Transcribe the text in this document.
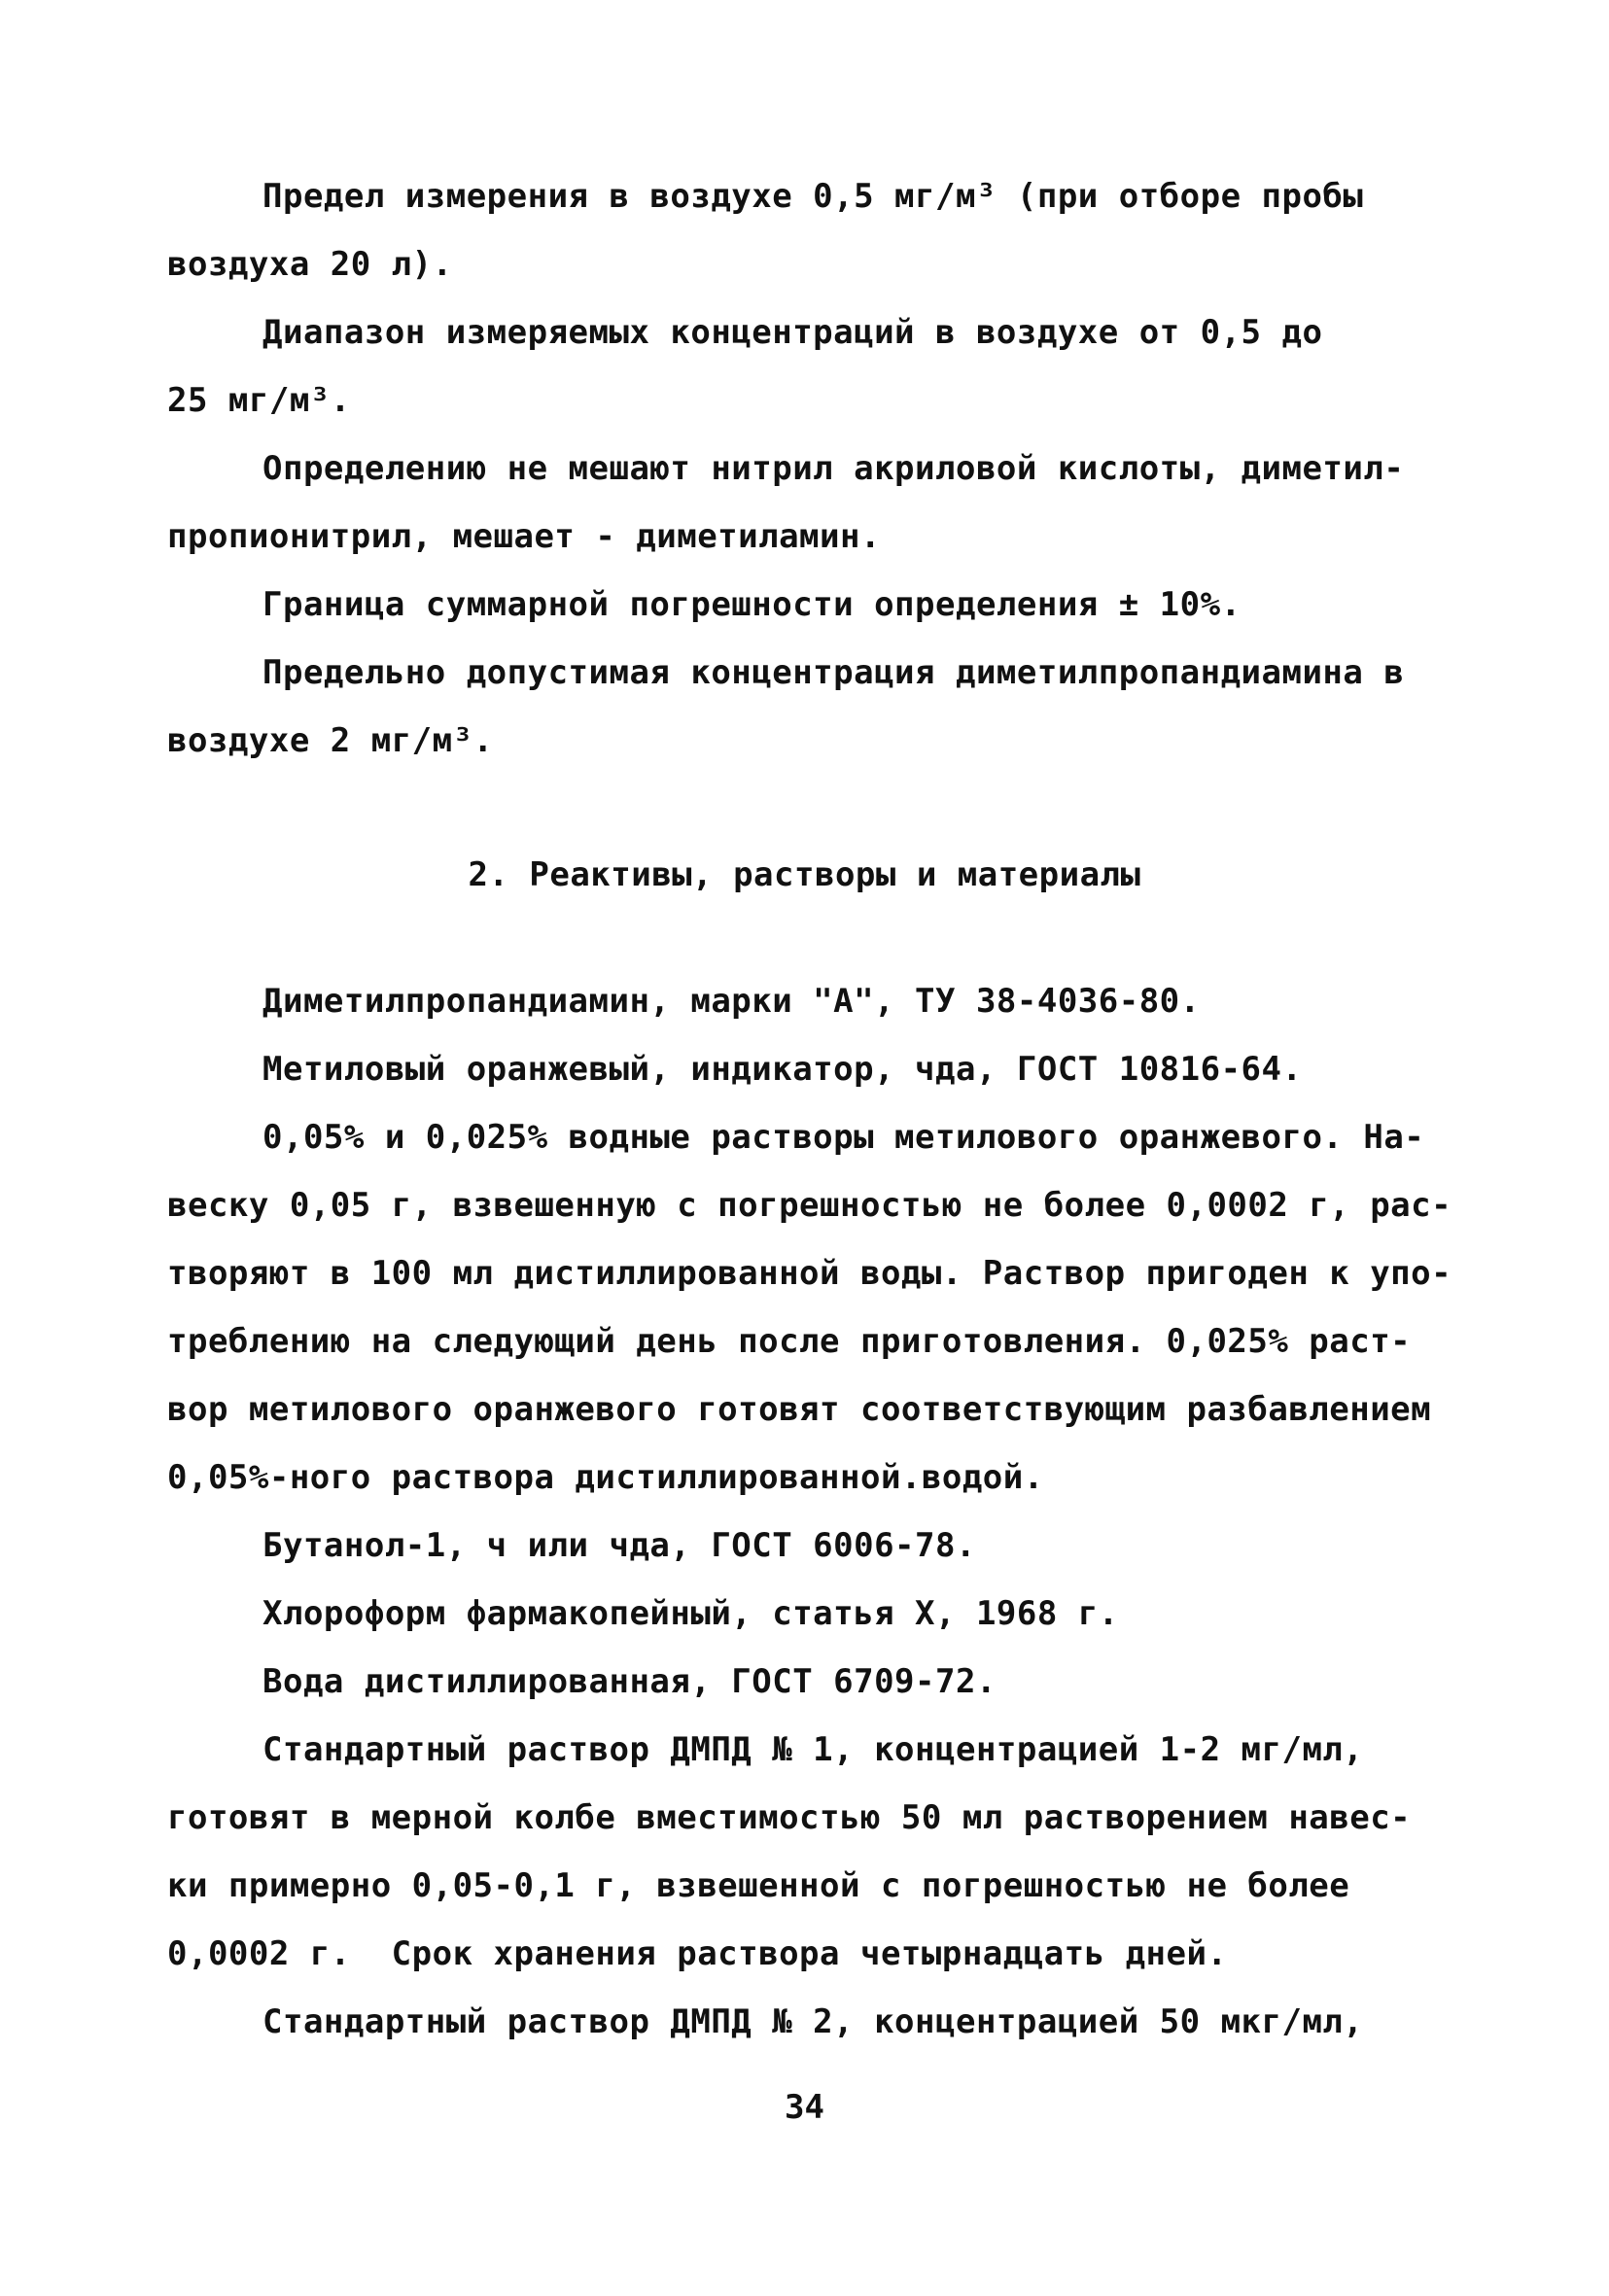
Предел измерения в воздухе 0,5 мг/м³ (при отборе пробы
воздуха 20 л).
Диапазон измеряемых концентраций в воздухе от 0,5 до
25 мг/м³.
Определению не мешают нитрил акриловой кислоты, диметил-
пропионитрил, мешает - диметиламин.
Граница суммарной погрешности определения ± 10%.
Предельно допустимая концентрация диметилпропандиамина в
воздухе 2 мг/м³.
2. Реактивы, растворы и материалы
Диметилпропандиамин, марки "А", ТУ 38-4036-80.
Метиловый оранжевый, индикатор, чда, ГОСТ 10816-64.
0,05% и 0,025% водные растворы метилового оранжевого. На-
веску 0,05 г, взвешенную с погрешностью не более 0,0002 г, рас-
творяют в 100 мл дистиллированной воды. Раствор пригоден к упо-
треблению на следующий день после приготовления. 0,025% раст-
вор метилового оранжевого готовят соответствующим разбавлением
0,05%-ного раствора дистиллированной.водой.
Бутанол-1, ч или чда, ГОСТ 6006-78.
Хлороформ фармакопейный, статья X, 1968 г.
Вода дистиллированная, ГОСТ 6709-72.
Стандартный раствор ДМПД № 1, концентрацией 1-2 мг/мл,
готовят в мерной колбе вместимостью 50 мл растворением навес-
ки примерно 0,05-0,1 г, взвешенной с погрешностью не более
0,0002 г.  Срок хранения раствора четырнадцать дней.
Стандартный раствор ДМПД № 2, концентрацией 50 мкг/мл,
34
